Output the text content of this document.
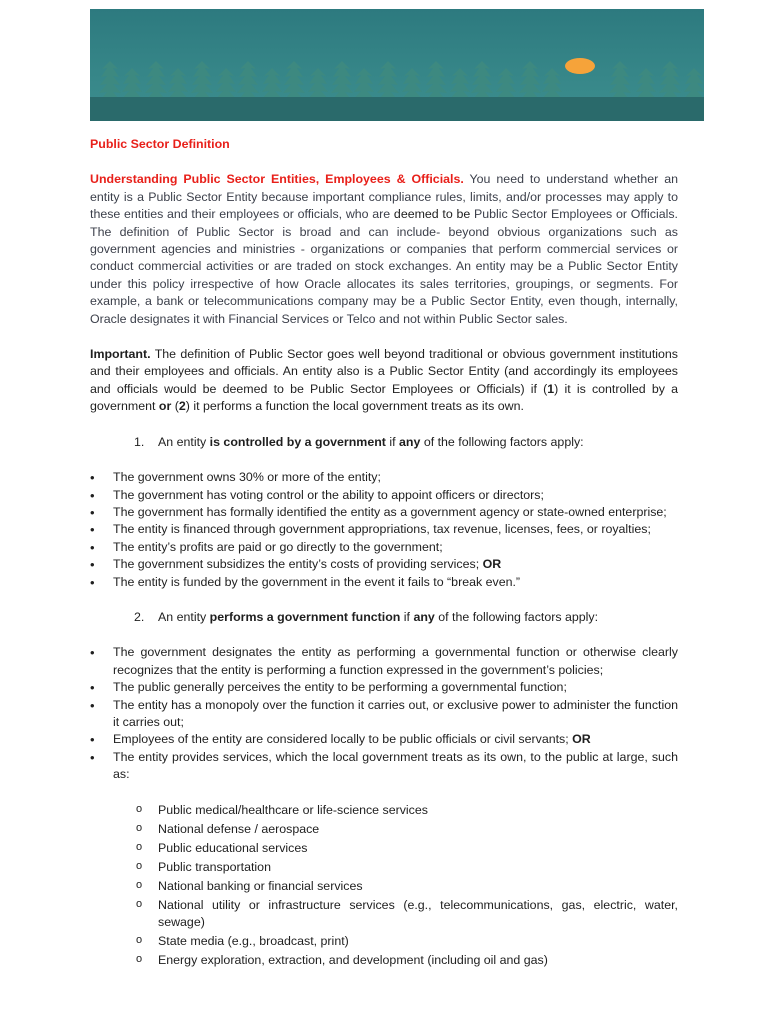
Public Sector Definition

Understanding Public Sector Entities, Employees & Officials. You need to understand whether an entity is a Public Sector Entity because important compliance rules, limits, and/or processes may apply to these entities and their employees or officials, who are deemed to be Public Sector Employees or Officials. The definition of Public Sector is broad and can include- beyond obvious organizations such as government agencies and ministries - organizations or companies that perform commercial services or conduct commercial activities or are traded on stock exchanges. An entity may be a Public Sector Entity under this policy irrespective of how Oracle allocates its sales territories, groupings, or segments. For example, a bank or telecommunications company may be a Public Sector Entity, even though, internally, Oracle designates it with Financial Services or Telco and not within Public Sector sales.

Important. The definition of Public Sector goes well beyond traditional or obvious government institutions and their employees and officials. An entity also is a Public Sector Entity (and accordingly its employees and officials would be deemed to be Public Sector Employees or Officials) if (1) it is controlled by a government or (2) it performs a function the local government treats as its own.

1. An entity is controlled by a government if any of the following factors apply:
• The government owns 30% or more of the entity;
• The government has voting control or the ability to appoint officers or directors;
• The government has formally identified the entity as a government agency or state-owned enterprise;
• The entity is financed through government appropriations, tax revenue, licenses, fees, or royalties;
• The entity’s profits are paid or go directly to the government;
• The government subsidizes the entity’s costs of providing services; OR
• The entity is funded by the government in the event it fails to “break even.”
2. An entity performs a government function if any of the following factors apply:
• The government designates the entity as performing a governmental function or otherwise clearly recognizes that the entity is performing a function expressed in the government’s policies;
• The public generally perceives the entity to be performing a governmental function;
• The entity has a monopoly over the function it carries out, or exclusive power to administer the function it carries out;
• Employees of the entity are considered locally to be public officials or civil servants; OR
• The entity provides services, which the local government treats as its own, to the public at large, such as:
o Public medical/healthcare or life-science services
o National defense / aerospace
o Public educational services
o Public transportation
o National banking or financial services
o National utility or infrastructure services (e.g., telecommunications, gas, electric, water, sewage)
o State media (e.g., broadcast, print)
o Energy exploration, extraction, and development (including oil and gas)
